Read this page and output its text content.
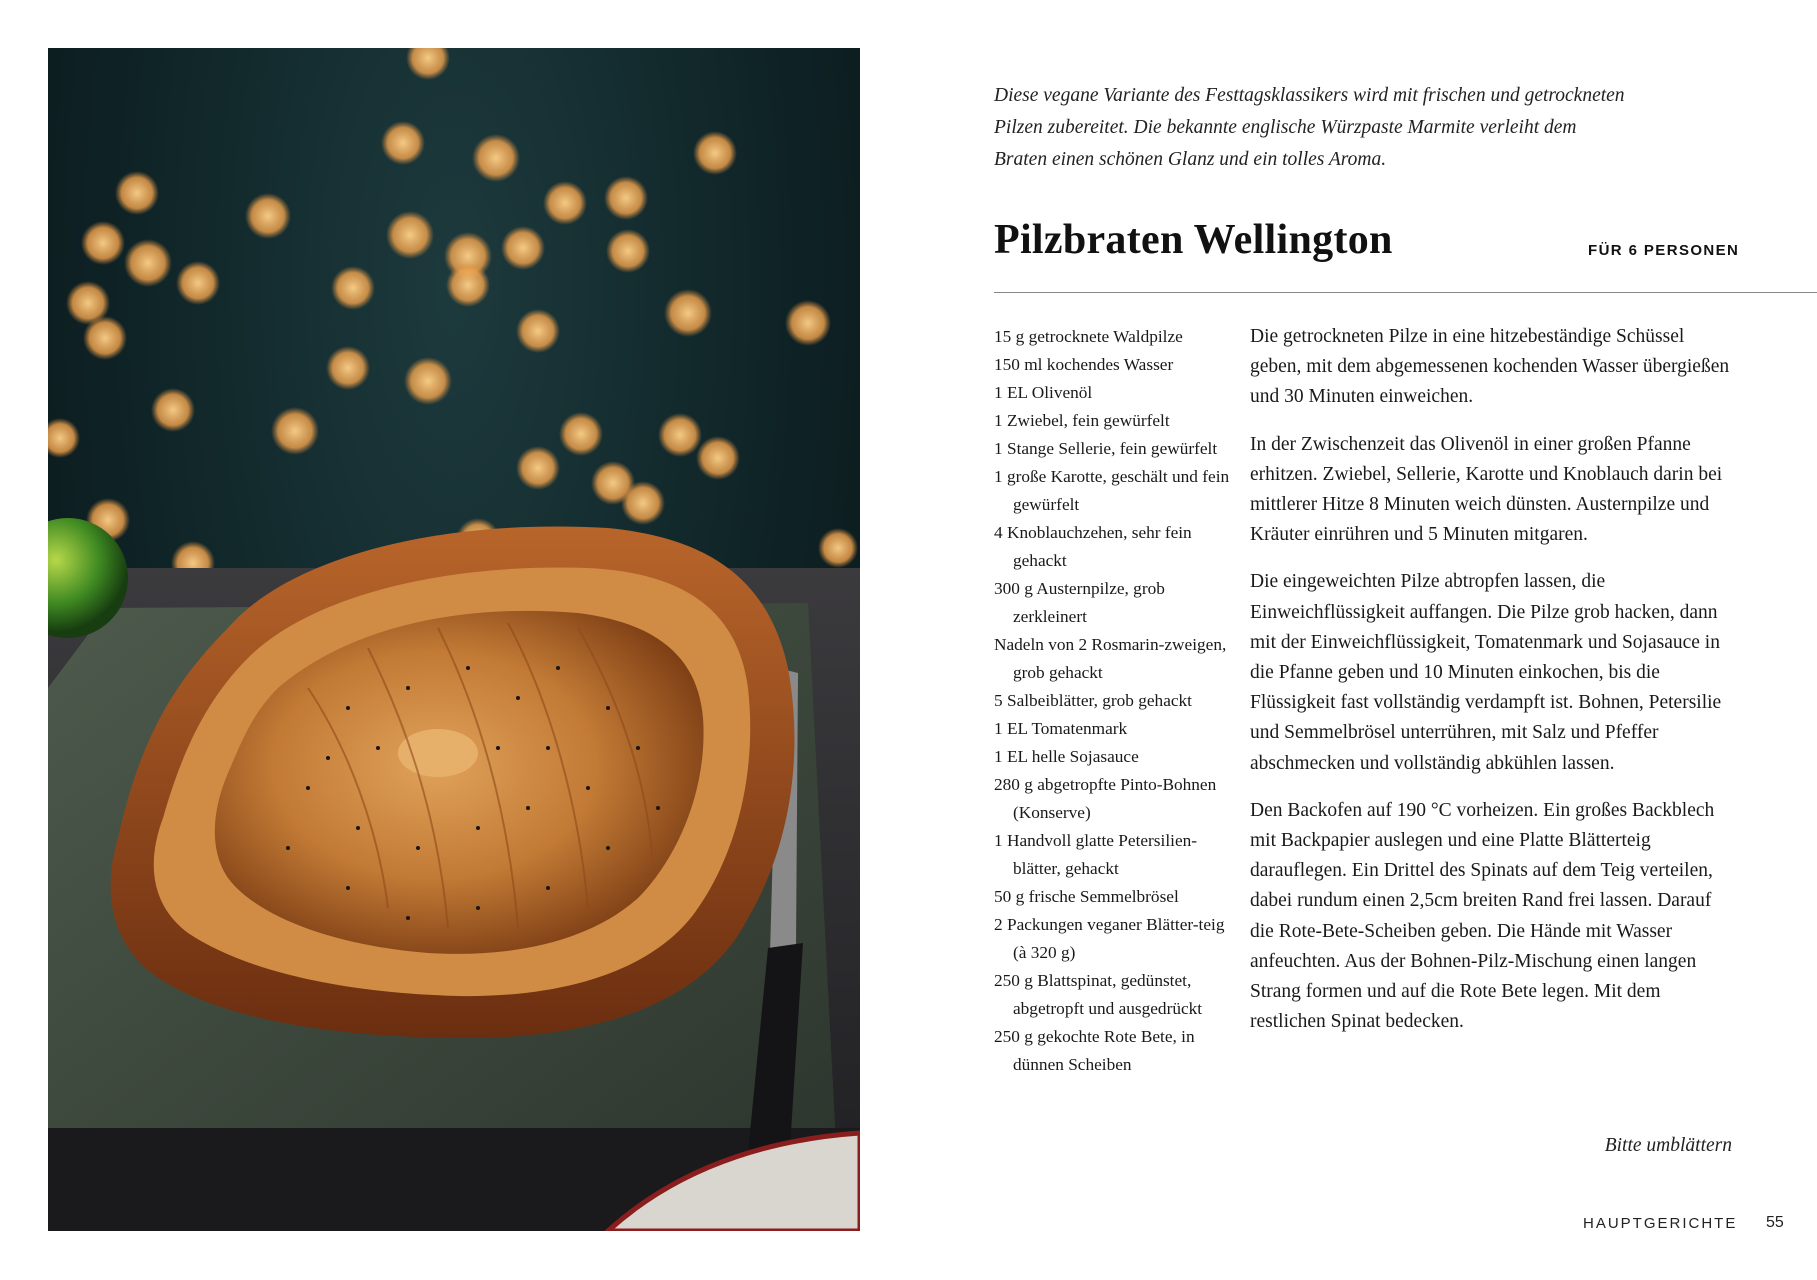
Diese vegane Variante des Festtagsklassikers wird mit frischen und getrockneten Pilzen zubereitet. Die bekannte englische Würzpaste Marmite verleiht dem Braten einen schönen Glanz und ein tolles Aroma.

Pilzbraten Wellington	FÜR 6 PERSONEN
15 g getrocknete Waldpilze
150 ml kochendes Wasser
1 EL Olivenöl
1 Zwiebel, fein gewürfelt
1 Stange Sellerie, fein gewürfelt
1 große Karotte, geschält und fein gewürfelt
4 Knoblauchzehen, sehr fein gehackt
300 g Austernpilze, grob zerkleinert
Nadeln von 2 Rosmarin-zweigen, grob gehackt
5 Salbeiblätter, grob gehackt
1 EL Tomatenmark
1 EL helle Sojasauce
280 g abgetropfte Pinto-Bohnen (Konserve)
1 Handvoll glatte Petersilien-blätter, gehackt
50 g frische Semmelbrösel
2 Packungen veganer Blätter-teig (à 320 g)
250 g Blattspinat, gedünstet, abgetropft und ausgedrückt
250 g gekochte Rote Bete, in dünnen Scheiben

Die getrockneten Pilze in eine hitzebeständige Schüssel geben, mit dem abgemessenen kochenden Wasser übergießen und 30 Minuten einweichen.

In der Zwischenzeit das Olivenöl in einer großen Pfanne erhitzen. Zwiebel, Sellerie, Karotte und Knoblauch darin bei mittlerer Hitze 8 Minuten weich dünsten. Austernpilze und Kräuter einrühren und 5 Minuten mitgaren.

Die eingeweichten Pilze abtropfen lassen, die Einweichflüssigkeit auffangen. Die Pilze grob hacken, dann mit der Einweichflüssigkeit, Tomatenmark und Sojasauce in die Pfanne geben und 10 Minuten einkochen, bis die Flüssigkeit fast vollständig verdampft ist. Bohnen, Petersilie und Semmelbrösel unterrühren, mit Salz und Pfeffer abschmecken und vollständig abkühlen lassen.

Den Backofen auf 190 °C vorheizen. Ein großes Backblech mit Backpapier auslegen und eine Platte Blätterteig darauflegen. Ein Drittel des Spinats auf dem Teig verteilen, dabei rundum einen 2,5cm breiten Rand frei lassen. Darauf die Rote-Bete-Scheiben geben. Die Hände mit Wasser anfeuchten. Aus der Bohnen-Pilz-Mischung einen langen Strang formen und auf die Rote Bete legen. Mit dem restlichen Spinat bedecken.

Bitte umblättern
HAUPTGERICHTE 55
